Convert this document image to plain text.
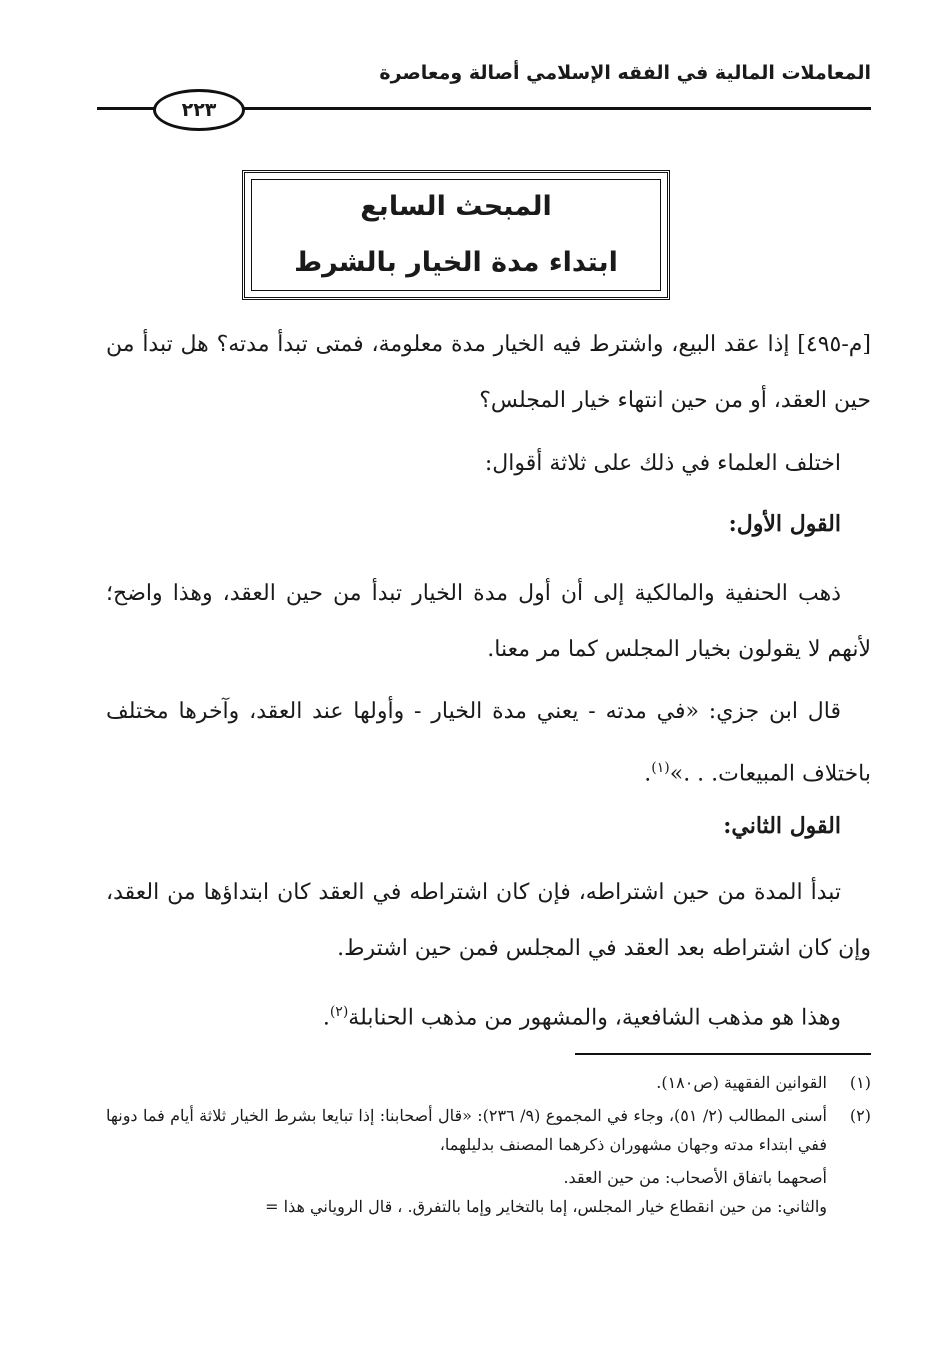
المعاملات المالية في الفقه الإسلامي أصالة ومعاصرة
٢٢٣
المبحث السابع
ابتداء مدة الخيار بالشرط

[م-٤٩٥] إذا عقد البيع، واشترط فيه الخيار مدة معلومة، فمتى تبدأ مدته؟ هل تبدأ من حين العقد، أو من حين انتهاء خيار المجلس؟

اختلف العلماء في ذلك على ثلاثة أقوال:

القول الأول:

ذهب الحنفية والمالكية إلى أن أول مدة الخيار تبدأ من حين العقد، وهذا واضح؛ لأنهم لا يقولون بخيار المجلس كما مر معنا.

قال ابن جزي: «في مدته - يعني مدة الخيار - وأولها عند العقد، وآخرها مختلف باختلاف المبيعات. . .»$^{(١)}$.

القول الثاني:

تبدأ المدة من حين اشتراطه، فإن كان اشتراطه في العقد كان ابتداؤها من العقد، وإن كان اشتراطه بعد العقد في المجلس فمن حين اشترط.

وهذا هو مذهب الشافعية، والمشهور من مذهب الحنابلة$^{(٢)}$.

(١)
القوانين الفقهية (ص١٨٠).
(٢)
أسنى المطالب (٢/ ٥١)، وجاء في المجموع (٩/ ٢٣٦): «قال أصحابنا: إذا تبايعا بشرط الخيار ثلاثة أيام فما دونها ففي ابتداء مدته وجهان مشهوران ذكرهما المصنف بدليلهما،

أصحهما باتفاق الأصحاب: من حين العقد.

والثاني: من حين انقطاع خيار المجلس، إما بالتخاير وإما بالتفرق. ، قال الروياني هذا =
